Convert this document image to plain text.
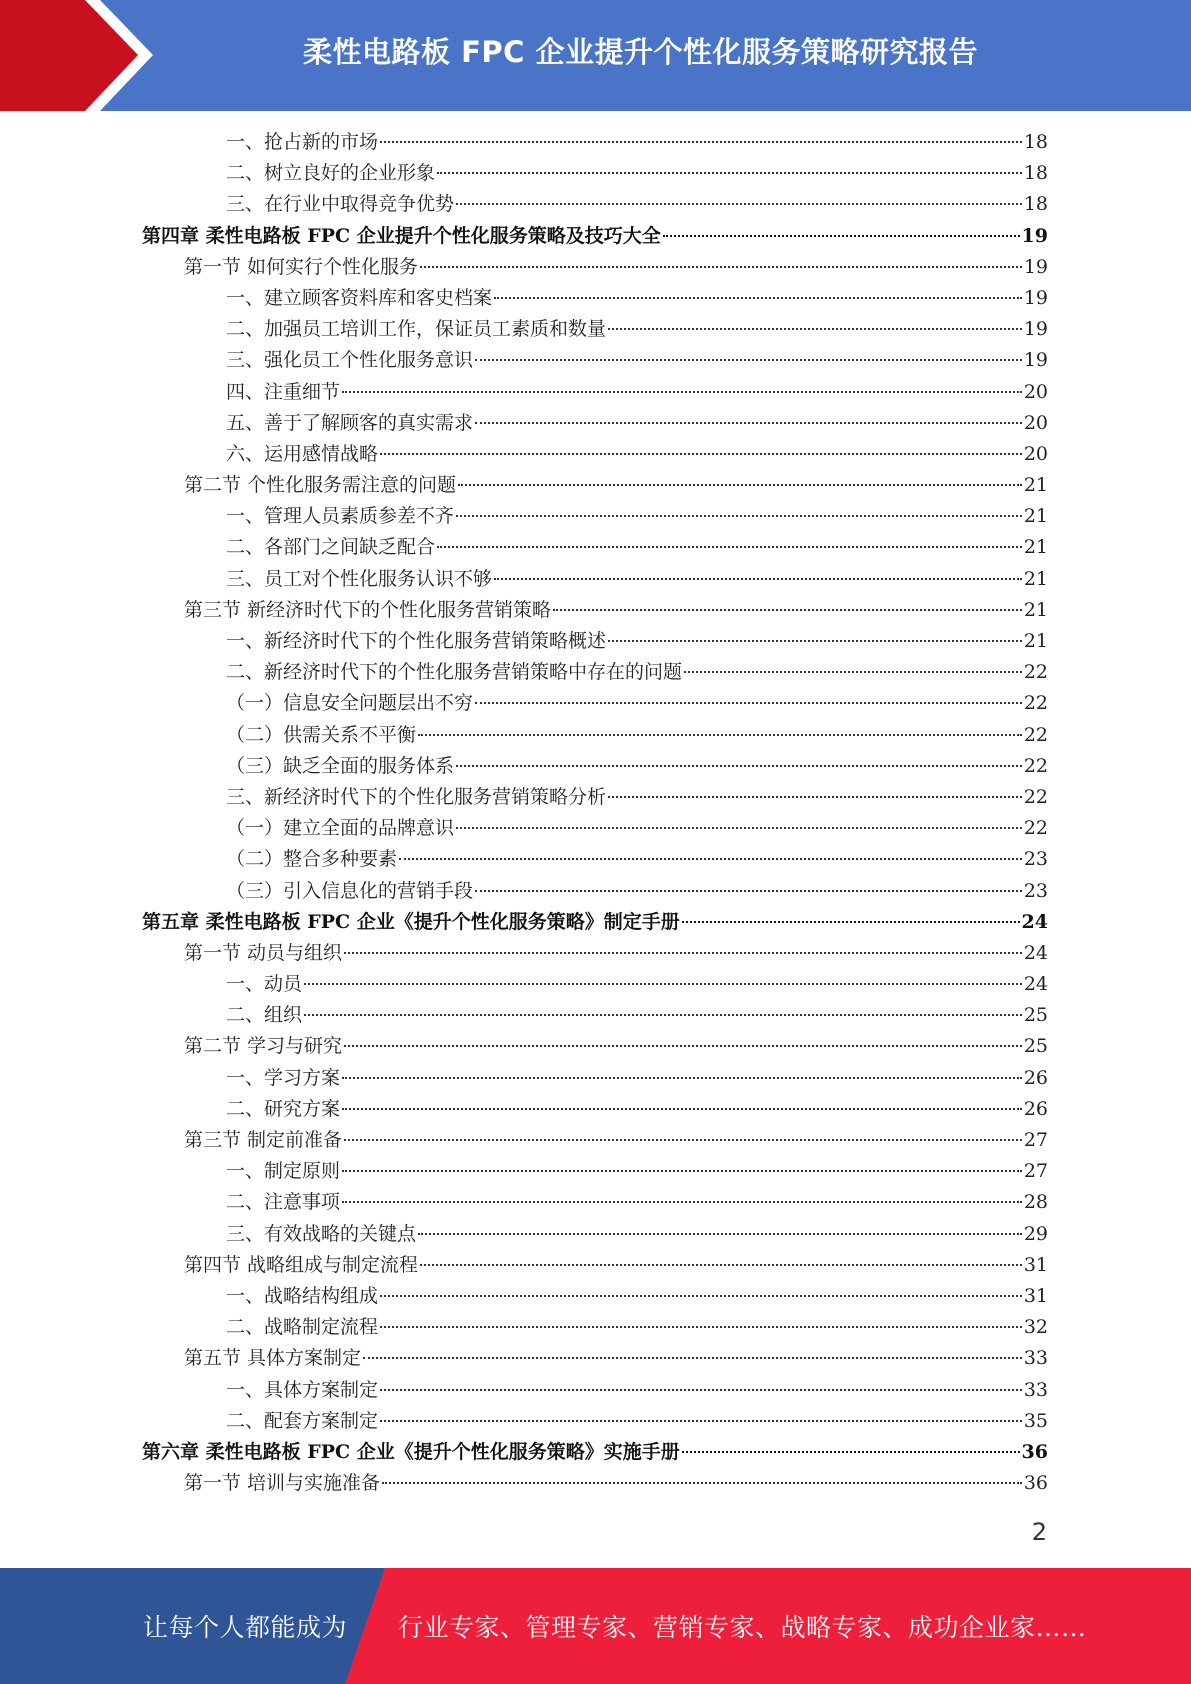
柔性电路板 FPC 企业提升个性化服务策略研究报告
一、抢占新的市场	18
二、树立良好的企业形象	18
三、在行业中取得竞争优势	18
第四章 柔性电路板 FPC 企业提升个性化服务策略及技巧大全	19
第一节 如何实行个性化服务	19
一、建立顾客资料库和客史档案	19
二、加强员工培训工作，保证员工素质和数量	19
三、强化员工个性化服务意识	19
四、注重细节	20
五、善于了解顾客的真实需求	20
六、运用感情战略	20
第二节 个性化服务需注意的问题	21
一、管理人员素质参差不齐	21
二、各部门之间缺乏配合	21
三、员工对个性化服务认识不够	21
第三节 新经济时代下的个性化服务营销策略	21
一、新经济时代下的个性化服务营销策略概述	21
二、新经济时代下的个性化服务营销策略中存在的问题	22
（一）信息安全问题层出不穷	22
（二）供需关系不平衡	22
（三）缺乏全面的服务体系	22
三、新经济时代下的个性化服务营销策略分析	22
（一）建立全面的品牌意识	22
（二）整合多种要素	23
（三）引入信息化的营销手段	23
第五章 柔性电路板 FPC 企业《提升个性化服务策略》制定手册	24
第一节 动员与组织	24
一、动员	24
二、组织	25
第二节 学习与研究	25
一、学习方案	26
二、研究方案	26
第三节 制定前准备	27
一、制定原则	27
二、注意事项	28
三、有效战略的关键点	29
第四节 战略组成与制定流程	31
一、战略结构组成	31
二、战略制定流程	32
第五节 具体方案制定	33
一、具体方案制定	33
二、配套方案制定	35
第六章 柔性电路板 FPC 企业《提升个性化服务策略》实施手册	36
第一节 培训与实施准备	36
2
让每个人都能成为 行业专家、管理专家、营销专家、战略专家、成功企业家……
